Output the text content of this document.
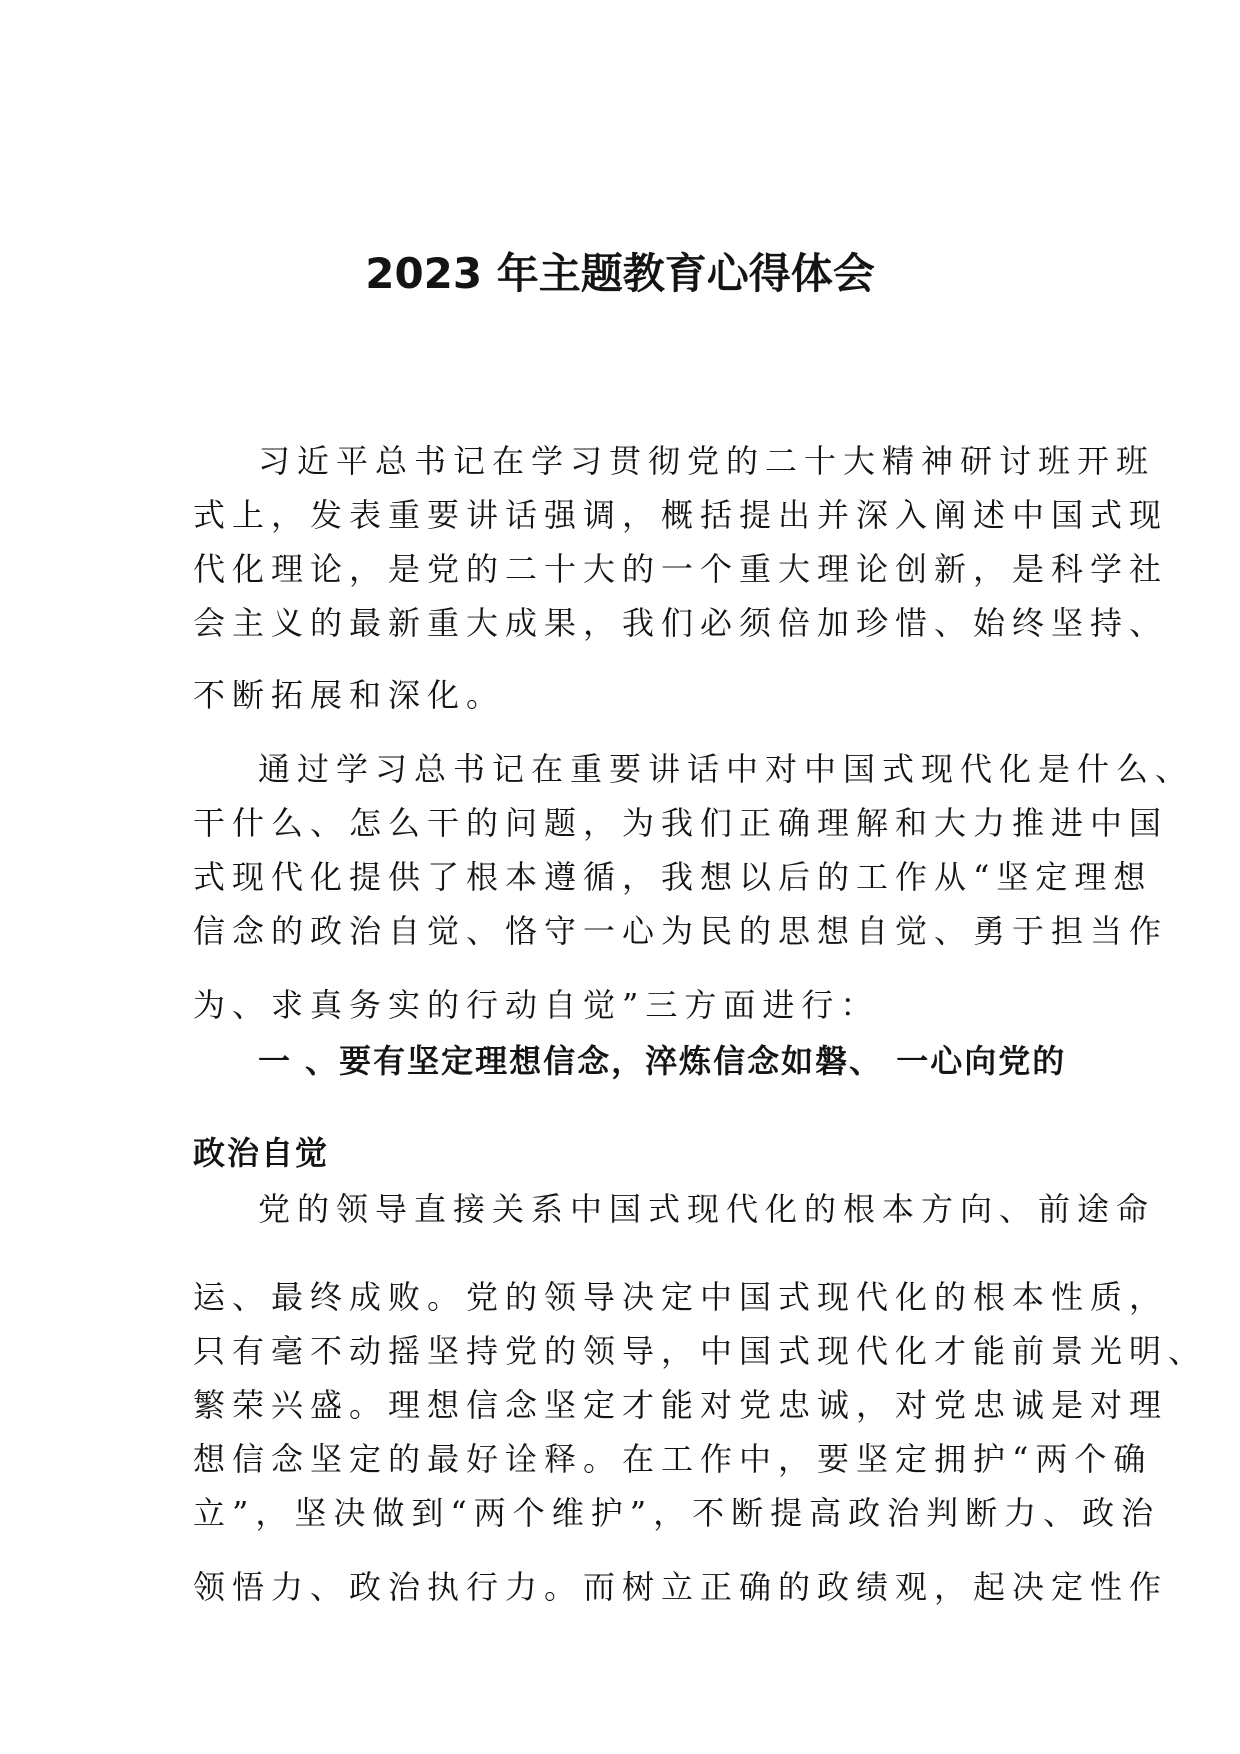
2023 年主题教育心得体会
习近平总书记在学习贯彻党的二十大精神研讨班开班
式上，发表重要讲话强调，概括提出并深入阐述中国式现
代化理论，是党的二十大的一个重大理论创新，是科学社
会主义的最新重大成果，我们必须倍加珍惜、始终坚持、
不断拓展和深化。
通过学习总书记在重要讲话中对中国式现代化是什么、
干什么、怎么干的问题，为我们正确理解和大力推进中国
式现代化提供了根本遵循，我想以后的工作从“坚定理想
信念的政治自觉、恪守一心为民的思想自觉、勇于担当作
为、求真务实的行动自觉”三方面进行：
一 、要有坚定理想信念，淬炼信念如磐、 一心向党的
政治自觉
党的领导直接关系中国式现代化的根本方向、前途命
运、最终成败。党的领导决定中国式现代化的根本性质，
只有毫不动摇坚持党的领导，中国式现代化才能前景光明、
繁荣兴盛。理想信念坚定才能对党忠诚，对党忠诚是对理
想信念坚定的最好诠释。在工作中，要坚定拥护“两个确
立”，坚决做到“两个维护”，不断提高政治判断力、政治
领悟力、政治执行力。而树立正确的政绩观，起决定性作
